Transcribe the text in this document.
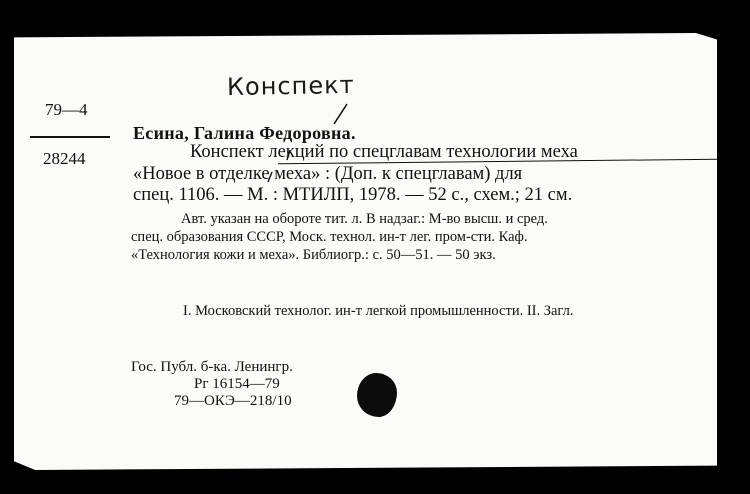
Конспект
79—4
28244
Есина, Галина Федоровна.
Конспект лекций по спецглавам технологии меха
«Новое в отделке меха» : (Доп. к спецглавам) для
спец. 1106. — М. : МТИЛП, 1978. — 52 с., схем.; 21 см.
Авт. указан на обороте тит. л. В надзаг.: М-во высш. и сред.
спец. образования СССР, Моск. технол. ин-т лег. пром-сти. Каф.
«Технология кожи и меха». Библиогр.: с. 50—51. — 50 экз.
I. Московский технолог. ин-т легкой промышленности. II. Загл.
Гос. Публ. б-ка. Ленингр.
Рг 16154—79
79—ОКЭ—218/10
